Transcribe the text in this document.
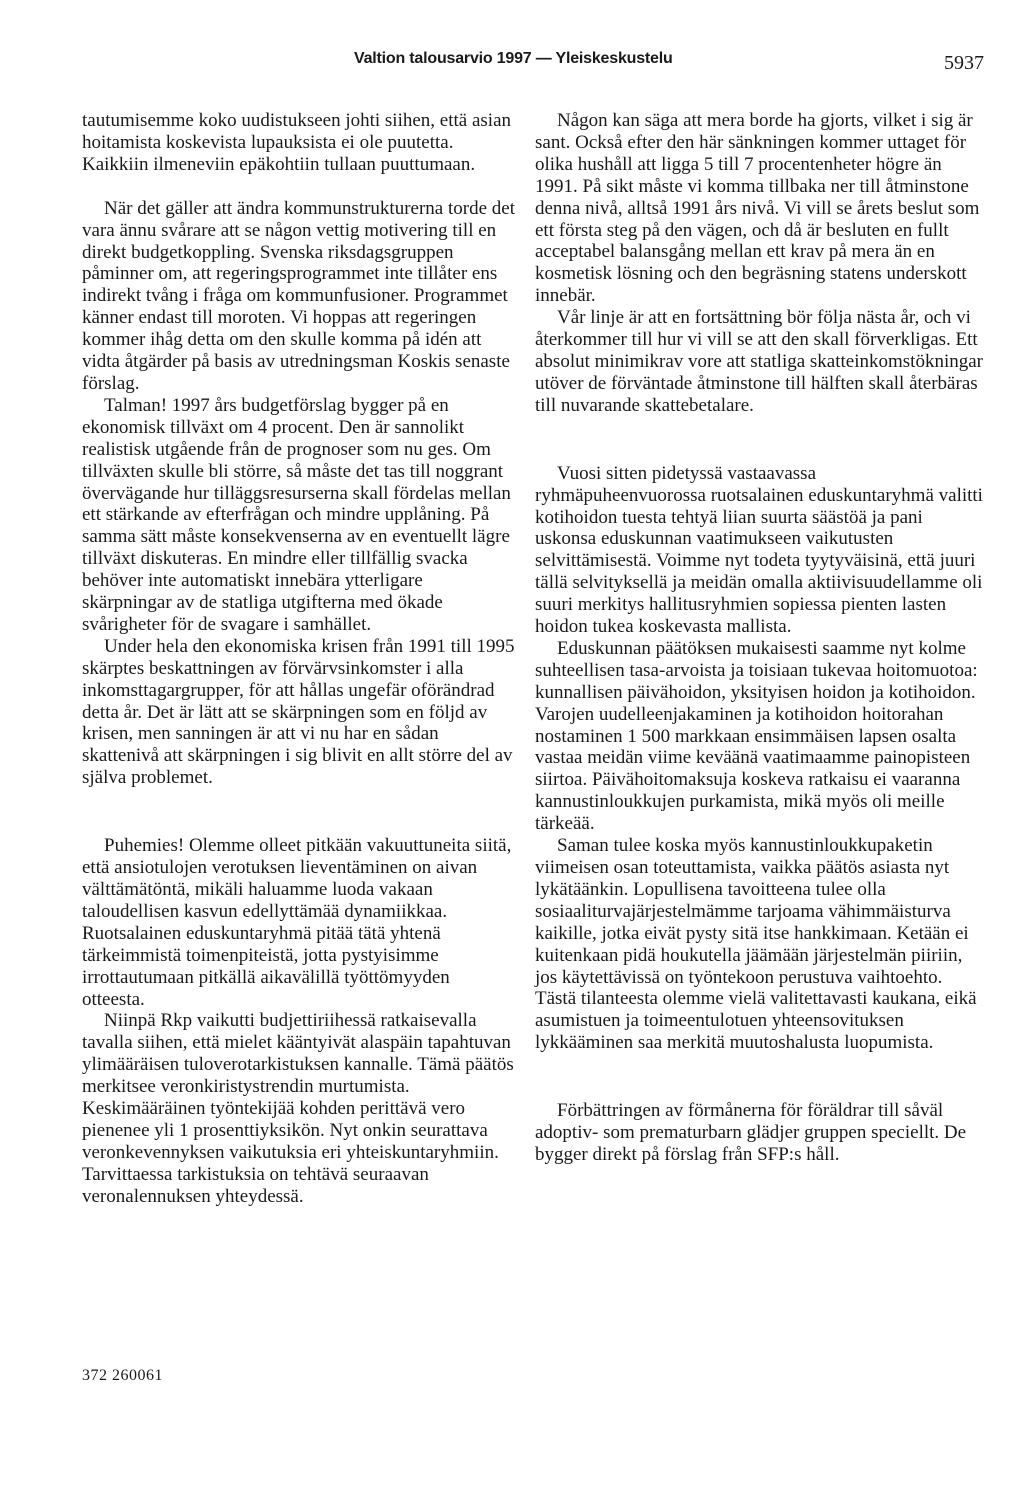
Valtion talousarvio 1997 — Yleiskeskustelu	5937

tautumisemme koko uudistukseen johti siihen, että asian hoitamista koskevista lupauksista ei ole puutetta. Kaikkiin ilmeneviin epäkohtiin tullaan puuttumaan.

När det gäller att ändra kommunstrukturerna torde det vara ännu svårare att se någon vettig motivering till en direkt budgetkoppling. Svenska riksdagsgruppen påminner om, att regeringsprogrammet inte tillåter ens indirekt tvång i fråga om kommunfusioner. Programmet känner endast till moroten. Vi hoppas att regeringen kommer ihåg detta om den skulle komma på idén att vidta åtgärder på basis av utredningsman Koskis senaste förslag.

Talman! 1997 års budgetförslag bygger på en ekonomisk tillväxt om 4 procent. Den är sannolikt realistisk utgående från de prognoser som nu ges. Om tillväxten skulle bli större, så måste det tas till noggrant övervägande hur tilläggsresurserna skall fördelas mellan ett stärkande av efterfrågan och mindre upplåning. På samma sätt måste konsekvenserna av en eventuellt lägre tillväxt diskuteras. En mindre eller tillfällig svacka behöver inte automatiskt innebära ytterligare skärpningar av de statliga utgifterna med ökade svårigheter för de svagare i samhället.

Under hela den ekonomiska krisen från 1991 till 1995 skärptes beskattningen av förvärvsinkomster i alla inkomsttagargrupper, för att hållas ungefär oförändrad detta år. Det är lätt att se skärpningen som en följd av krisen, men sanningen är att vi nu har en sådan skattenivå att skärpningen i sig blivit en allt större del av själva problemet.

Puhemies! Olemme olleet pitkään vakuuttuneita siitä, että ansiotulojen verotuksen lieventäminen on aivan välttämätöntä, mikäli haluamme luoda vakaan taloudellisen kasvun edellyttämää dynamiikkaa. Ruotsalainen eduskuntaryhmä pitää tätä yhtenä tärkeimmistä toimenpiteistä, jotta pystyisimme irrottautumaan pitkällä aikavälillä työttömyyden otteesta.

Niinpä Rkp vaikutti budjettiriihessä ratkaisevalla tavalla siihen, että mielet kääntyivät alaspäin tapahtuvan ylimääräisen tuloverotarkistuksen kannalle. Tämä päätös merkitsee veronkiristystrendin murtumista. Keskimääräinen työntekijää kohden perittävä vero pienenee yli 1 prosenttiyksikön. Nyt onkin seurattava veronkevennyksen vaikutuksia eri yhteiskuntaryhmiin. Tarvittaessa tarkistuksia on tehtävä seuraavan veronalennuksen yhteydessä.

Någon kan säga att mera borde ha gjorts, vilket i sig är sant. Också efter den här sänkningen kommer uttaget för olika hushåll att ligga 5 till 7 procentenheter högre än 1991. På sikt måste vi komma tillbaka ner till åtminstone denna nivå, alltså 1991 års nivå. Vi vill se årets beslut som ett första steg på den vägen, och då är besluten en fullt acceptabel balansgång mellan ett krav på mera än en kosmetisk lösning och den begräsning statens underskott innebär.

Vår linje är att en fortsättning bör följa nästa år, och vi återkommer till hur vi vill se att den skall förverkligas. Ett absolut minimikrav vore att statliga skatteinkomstökningar utöver de förväntade åtminstone till hälften skall återbäras till nuvarande skattebetalare.

Vuosi sitten pidetyssä vastaavassa ryhmäpuheenvuorossa ruotsalainen eduskuntaryhmä valitti kotihoidon tuesta tehtyä liian suurta säästöä ja pani uskonsa eduskunnan vaatimukseen vaikutusten selvittämisestä. Voimme nyt todeta tyytyväisinä, että juuri tällä selvityksellä ja meidän omalla aktiivisuudellamme oli suuri merkitys hallitusryhmien sopiessa pienten lasten hoidon tukea koskevasta mallista.

Eduskunnan päätöksen mukaisesti saamme nyt kolme suhteellisen tasa-arvoista ja toisiaan tukevaa hoitomuotoa: kunnallisen päivähoidon, yksityisen hoidon ja kotihoidon. Varojen uudelleenjakaminen ja kotihoidon hoitorahan nostaminen 1 500 markkaan ensimmäisen lapsen osalta vastaa meidän viime keväänä vaatimaamme painopisteen siirtoa. Päivähoitomaksuja koskeva ratkaisu ei vaaranna kannustinloukkujen purkamista, mikä myös oli meille tärkeää.

Saman tulee koska myös kannustinloukkupaketin viimeisen osan toteuttamista, vaikka päätös asiasta nyt lykätäänkin. Lopullisena tavoitteena tulee olla sosiaaliturvajärjestelmämme tarjoama vähimmäisturva kaikille, jotka eivät pysty sitä itse hankkimaan. Ketään ei kuitenkaan pidä houkutella jäämään järjestelmän piiriin, jos käytettävissä on työntekoon perustuva vaihtoehto. Tästä tilanteesta olemme vielä valitettavasti kaukana, eikä asumistuen ja toimeentulotuen yhteensovituksen lykkääminen saa merkitä muutoshalusta luopumista.

Förbättringen av förmånerna för föräldrar till såväl adoptiv- som prematurbarn glädjer gruppen speciellt. De bygger direkt på förslag från SFP:s håll.

372 260061
